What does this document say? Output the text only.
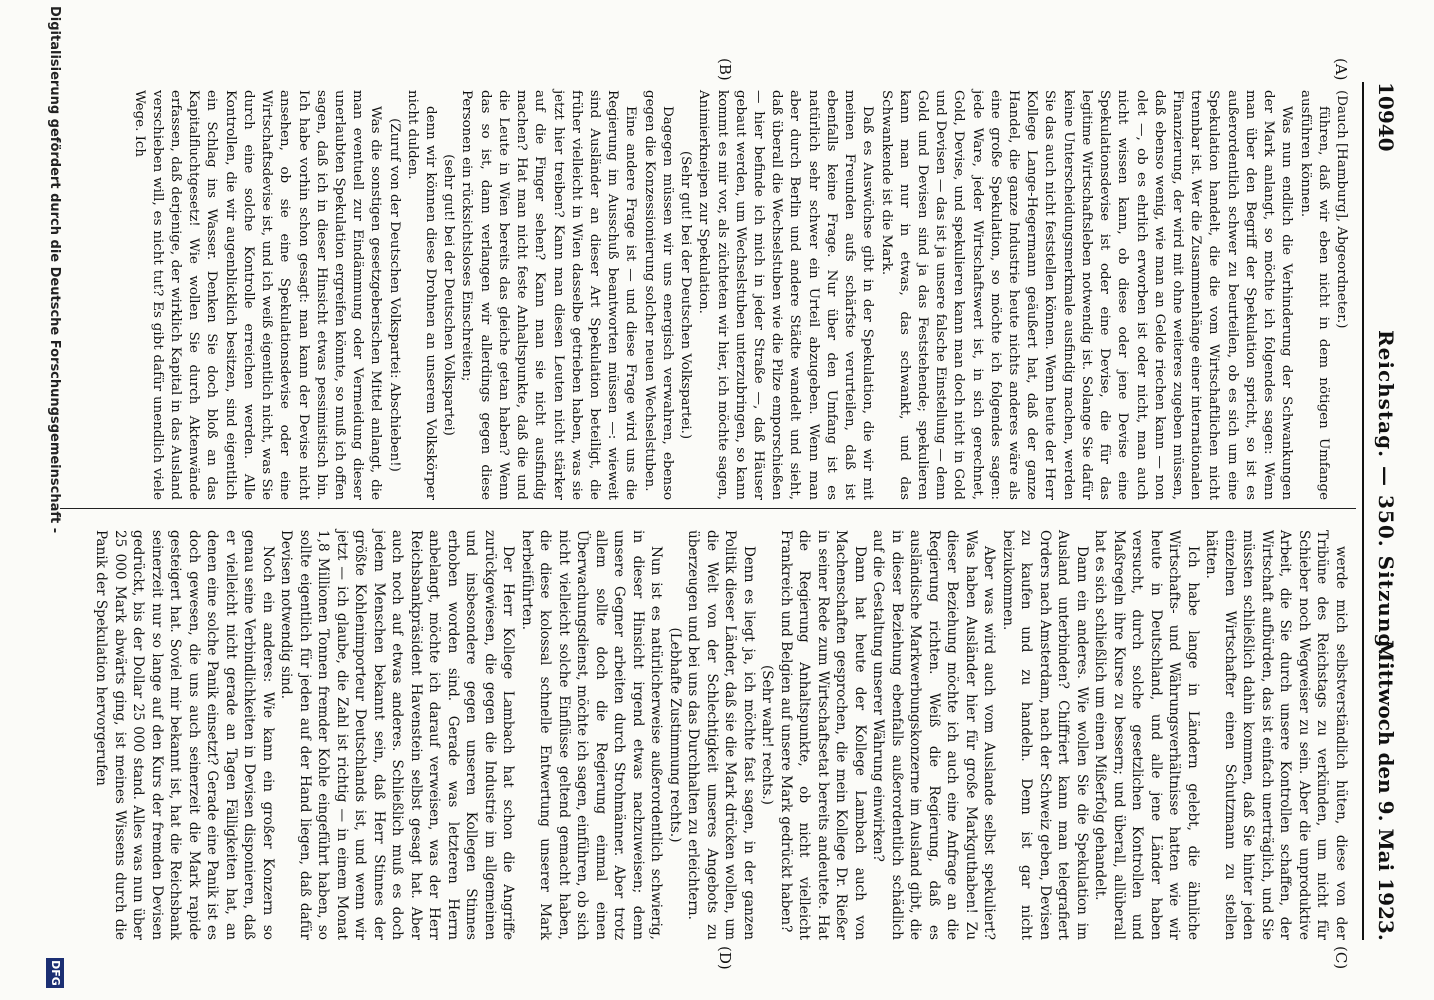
10940
Reichstag. — 350. Sitzung.
Mittwoch den 9. Mai 1923.
(A)
(B)
(C)
(D)

(Dauch [Hamburg], Abgeordneter.)

führen, daß wir eben nicht in dem nötigen Umfange ausführen können.

Was nun endlich die Verhinderung der Schwankungen der Mark anlangt, so möchte ich folgendes sagen: Wenn man über den Begriff der Spekulation spricht, so ist es außerordentlich schwer zu beurteilen, ob es sich um eine Spekulation handelt, die die vom Wirtschaftlichen nicht trennbar ist. Wer die Zusammenhänge einer internationalen Finanzierung, der wird mit ohne weiteres zugeben müssen, daß ebenso wenig, wie man an Gelde riechen kann — non olet —, ob es ehrlich erworben ist oder nicht, man auch nicht wissen kann, ob diese oder jene Devise eine Spekulationsdevise ist oder eine Devise, die für das legitime Wirtschaftsleben notwendig ist. Solange Sie dafür keine Unterscheidungsmerkmale ausfindig machen, werden Sie das auch nicht feststellen können. Wenn heute der Herr Kollege Lange-Hegermann geäußert hat, daß der ganze Handel, die ganze Industrie heute nichts anderes wäre als eine große Spekulation, so möchte ich folgendes sagen: jede Ware, jeder Wirtschaftswert ist, in sich gerechnet, Gold, Devise, und spekulieren kann man doch nicht in Gold und Devisen — das ist ja unsere falsche Einstellung — denn Gold und Devisen sind ja das Feststehende; spekulieren kann man nur in etwas, das schwankt, und das Schwankende ist die Mark.

Daß es Auswüchse gibt in der Spekulation, die wir mit meinen Freunden aufs schärfste verurteilen, daß ist ebenfalls keine Frage. Nur über den Umfang ist es natürlich sehr schwer ein Urteil abzugeben. Wenn man aber durch Berlin und andere Städte wandelt und sieht, daß überall die Wechselstuben wie die Pilze emporschießen — hier befinde ich mich in jeder Straße —, daß Häuser gebaut werden, um Wechselstuben unterzubringen, so kann kommt es mir vor, als züchteten wir hier, ich möchte sagen, Animierkneipen zur Spekulation.

(Sehr gut! bei der Deutschen Volkspartei.)

Dagegen müssen wir uns energisch verwahren, ebenso gegen die Konzessionierung solcher neuen Wechselstuben.

Eine andere Frage ist — und diese Frage wird uns die Regierung im Ausschuß beantworten müssen —: wieweit sind Ausländer an dieser Art Spekulation beteiligt, die früher vielleicht in Wien dasselbe getrieben haben, was sie jetzt hier treiben? Kann man diesen Leuten nicht stärker auf die Finger sehen? Kann man sie nicht ausfindig machen? Hat man nicht feste Anhaltspunkte, daß die und die Leute in Wien bereits das gleiche getan haben? Wenn das so ist, dann verlangen wir allerdings gegen diese Personen ein rücksichtsloses Einschreiten;

(sehr gut! bei der Deutschen Volkspartei)

denn wir können diese Drohnen an unserem Volkskörper nicht dulden.

(Zuruf von der Deutschen Volkspartei: Abschieben!)

Was die sonstigen gesetzgeberischen Mittel anlangt, die man eventuell zur Eindämmung oder Vermeidung dieser unerlaubten Spekulation ergreifen könnte, so muß ich offen sagen, daß ich in dieser Hinsicht etwas pessimistisch bin. Ich habe vorhin schon gesagt: man kann der Devise nicht ansehen, ob sie eine Spekulationsdevise oder eine Wirtschaftsdevise ist, und ich weiß eigentlich nicht, was Sie durch eine solche Kontrolle erreichen werden. Alle Kontrollen, die wir augenblicklich besitzen, sind eigentlich ein Schlag ins Wasser. Denken Sie doch bloß an das Kapitalfluchtgesetz! Wie wollen Sie durch Aktenwände erfassen, daß derjenige, der wirklich Kapital in das Ausland verschieben will, es nicht tut? Es gibt dafür unendlich viele Wege. Ich

werde mich selbstverständlich hüten, diese von der Tribüne des Reichstags zu verkünden, um nicht für Schieber noch Wegweiser zu sein. Aber die unproduktive Arbeit, die Sie durch unsere Kontrollen schaffen, der Wirtschaft aufbürden, das ist einfach unerträglich, und Sie müssten schließlich dahin kommen, daß Sie hinter jeden einzelnen Wirtschafter einen Schutzmann zu stellen hätten.

Ich habe lange in Ländern gelebt, die ähnliche Wirtschafts- und Währungsverhältnisse hatten wie wir heute in Deutschland, und alle jene Länder haben versucht, durch solche gesetzlichen Kontrollen und Maßregeln ihre Kurse zu bessern; und überall, allüberall hat es sich schließlich um einen Mißerfolg gehandelt.

Dann ein anderes. Wie wollen Sie die Spekulation im Ausland unterbinden? Chiffriert kann man telegrafiert Orders nach Amsterdam, nach der Schweiz geben, Devisen zu kaufen und zu handeln. Denn ist gar nicht beizukommen.

Aber was wird auch vom Auslande selbst spekuliert? Was haben Ausländer hier für große Markguthaben! Zu dieser Beziehung möchte ich auch eine Anfrage an die Regierung richten. Weiß die Regierung, daß es ausländische Markwerbungskonzerne im Ausland gibt, die in dieser Beziehung ebenfalls außerordentlich schädlich auf die Gestaltung unserer Währung einwirken?

Dann hat heute der Kollege Lambach auch von Machenschaften gesprochen, die mein Kollege Dr. Rießer in seiner Rede zum Wirtschaftsetat bereits andeutete. Hat die Regierung Anhaltspunkte, ob nicht vielleicht Frankreich und Belgien auf unsere Mark gedrückt haben?

(Sehr wahr! rechts.)

Denn es liegt ja, ich möchte fast sagen, in der ganzen Politik dieser Länder, daß sie die Mark drücken wollen, um die Welt von der Schlechtigkeit unseres Angebots zu überzeugen und bei uns das Durchhalten zu erleichtern.

(Lebhafte Zustimmung rechts.)

Nun ist es natürlicherweise außerordentlich schwierig, in dieser Hinsicht irgend etwas nachzuweisen; denn unsere Gegner arbeiten durch Strohmänner. Aber trotz allem sollte doch die Regierung einmal einen Überwachungsdienst, möchte ich sagen, einführen, ob sich nicht vielleicht solche Einflüsse geltend gemacht haben, die diese kolossal schnelle Entwertung unserer Mark herbeiführten.

Der Herr Kollege Lambach hat schon die Angriffe zurückgewiesen, die gegen die Industrie im allgemeinen und insbesondere gegen unseren Kollegen Stinnes erhoben worden sind. Gerade was letzteren Herrn anbelangt, möchte ich darauf verweisen, was der Herr Reichsbankpräsident Havenstein selbst gesagt hat. Aber auch noch auf etwas anderes. Schließlich muß es doch jedem Menschen bekannt sein, daß Herr Stinnes der größte Kohlenimporteur Deutschlands ist, und wenn wir jetzt — ich glaube, die Zahl ist richtig — in einem Monat 1,8 Millionen Tonnen fremder Kohle eingeführt haben, so sollte eigentlich für jeden auf der Hand liegen, daß dafür Devisen notwendig sind.

Noch ein anderes: Wie kann ein großer Konzern so genau seine Verbindlichkeiten in Devisen disponieren, daß er vielleicht nicht gerade an Tagen Fälligkeiten hat, an denen eine solche Panik einsetzt? Gerade eine Panik ist es doch gewesen, die uns auch seinerzeit die Mark rapide gesteigert hat. Soviel mir bekannt ist, hat die Reichsbank seinerzeit nur so lange auf den Kurs der fremden Devisen gedrückt, bis der Dollar 25 000 stand. Alles was nun über 25 000 Mark abwärts ging, ist meines Wissens durch die Panik der Spekulation hervorgerufen

Digitalisierung gefördert durch die Deutsche Forschungsgemeinschaft -
DFG
